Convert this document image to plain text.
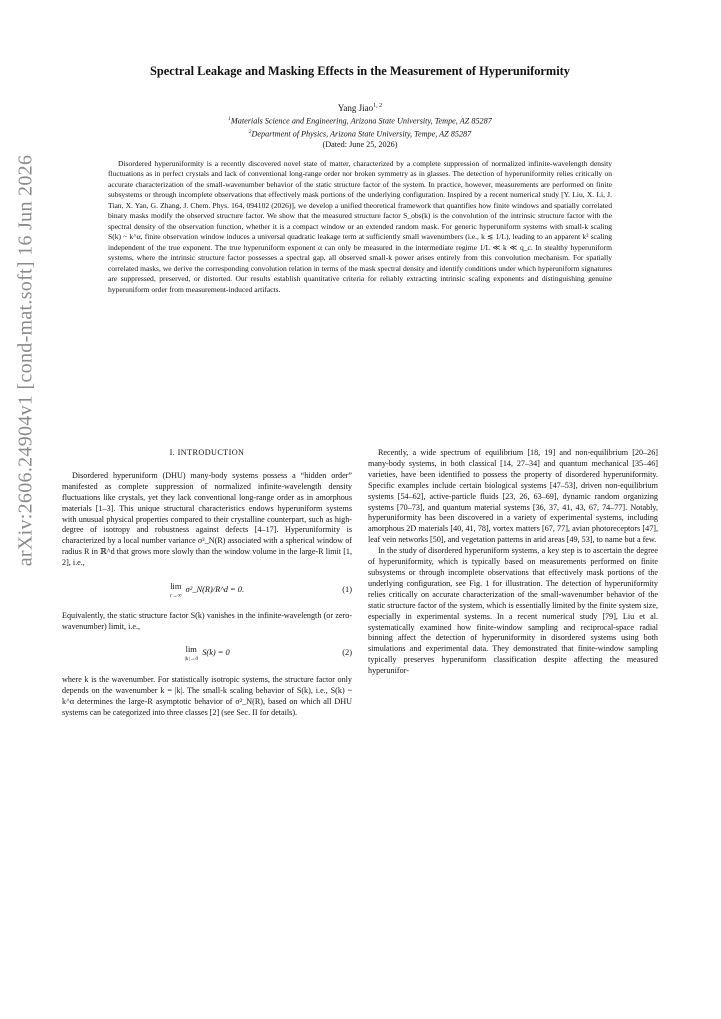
arXiv:2606.24904v1 [cond-mat.soft] 16 Jun 2026
Spectral Leakage and Masking Effects in the Measurement of Hyperuniformity
Yang Jiao$^{1, 2}$
$^1$Materials Science and Engineering, Arizona State University, Tempe, AZ 85287
$^2$Department of Physics, Arizona State University, Tempe, AZ 85287
(Dated: June 25, 2026)
Disordered hyperuniformity is a recently discovered novel state of matter, characterized by a complete suppression of normalized infinite-wavelength density fluctuations as in perfect crystals and lack of conventional long-range order nor broken symmetry as in glasses. The detection of hyperuniformity relies critically on accurate characterization of the small-wavenumber behavior of the static structure factor of the system. In practice, however, measurements are performed on finite subsystems or through incomplete observations that effectively mask portions of the underlying configuration. Inspired by a recent numerical study [Y. Liu, X. Li, J. Tian, X. Yan, G. Zhang, J. Chem. Phys. 164, 094102 (2026)], we develop a unified theoretical framework that quantifies how finite windows and spatially correlated binary masks modify the observed structure factor. We show that the measured structure factor S_obs(k) is the convolution of the intrinsic structure factor with the spectral density of the observation function, whether it is a compact window or an extended random mask. For generic hyperuniform systems with small-k scaling S(k) ~ k^α, finite observation window induces a universal quadratic leakage term at sufficiently small wavenumbers (i.e., k ≲ 1/L), leading to an apparent k² scaling independent of the true exponent. The true hyperuniform exponent α can only be measured in the intermediate regime 1/L ≪ k ≪ q_c. In stealthy hyperuniform systems, where the intrinsic structure factor possesses a spectral gap, all observed small-k power arises entirely from this convolution mechanism. For spatially correlated masks, we derive the corresponding convolution relation in terms of the mask spectral density and identify conditions under which hyperuniform signatures are suppressed, preserved, or distorted. Our results establish quantitative criteria for reliably extracting intrinsic scaling exponents and distinguishing genuine hyperuniform order from measurement-induced artifacts.
I. INTRODUCTION

Disordered hyperuniform (DHU) many-body systems possess a “hidden order” manifested as complete suppression of normalized infinite-wavelength density fluctuations like crystals, yet they lack conventional long-range order as in amorphous materials [1–3]. This unique structural characteristics endows hyperuniform systems with unusual physical properties compared to their crystalline counterpart, such as high-degree of isotropy and robustness against defects [4–17]. Hyperuniformity is characterized by a local number variance σ²_N(R) associated with a spherical window of radius R in ℝ^d that grows more slowly than the window volume in the large-R limit [1, 2], i.e.,

lim
r→∞
σ²_N(R)/R^d = 0.	(1)

Equivalently, the static structure factor S(k) vanishes in the infinite-wavelength (or zero-wavenumber) limit, i.e.,

lim
|k|→0
S(k) = 0	(2)

where k is the wavenumber. For statistically isotropic systems, the structure factor only depends on the wavenumber k = |k|. The small-k scaling behavior of S(k), i.e., S(k) ~ k^α determines the large-R asymptotic behavior of σ²_N(R), based on which all DHU systems can be categorized into three classes [2] (see Sec. II for details).

Recently, a wide spectrum of equilibrium [18, 19] and non-equilibrium [20–26] many-body systems, in both classical [14, 27–34] and quantum mechanical [35–46] varieties, have been identified to possess the property of disordered hyperuniformity. Specific examples include certain biological systems [47–53], driven non-equilibrium systems [54–62], active-particle fluids [23, 26, 63–69], dynamic random organizing systems [70–73], and quantum material systems [36, 37, 41, 43, 67, 74–77]. Notably, hyperuniformity has been discovered in a variety of experimental systems, including amorphous 2D materials [40, 41, 78], vortex matters [67, 77], avian photoreceptors [47], leaf vein networks [50], and vegetation patterns in arid areas [49, 53], to name but a few.

In the study of disordered hyperuniform systems, a key step is to ascertain the degree of hyperuniformity, which is typically based on measurements performed on finite subsystems or through incomplete observations that effectively mask portions of the underlying configuration, see Fig. 1 for illustration. The detection of hyperuniformity relies critically on accurate characterization of the small-wavenumber behavior of the static structure factor of the system, which is essentially limited by the finite system size, especially in experimental systems. In a recent numerical study [79], Liu et al. systematically examined how finite-window sampling and reciprocal-space radial binning affect the detection of hyperuniformity in disordered systems using both simulations and experimental data. They demonstrated that finite-window sampling typically preserves hyperuniform classification despite affecting the measured hyperunifor-
